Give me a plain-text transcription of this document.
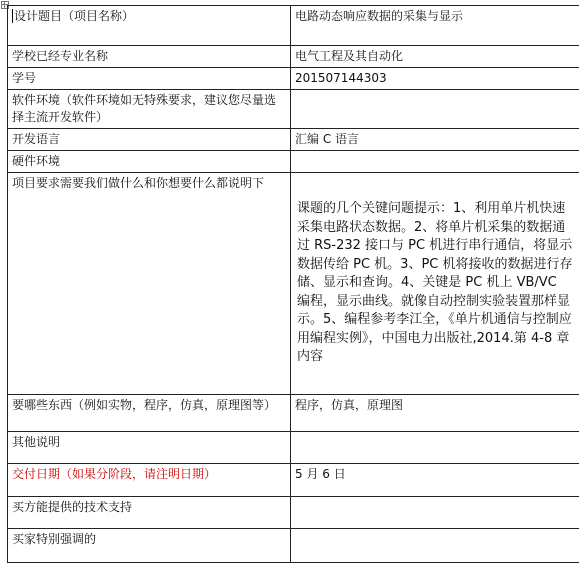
设计题目（项目名称）	电路动态响应数据的采集与显示
学校已经专业名称	电气工程及其自动化
学号	201507144303
软件环境（软件环境如无特殊要求，建议您尽量选择主流开发软件）	
开发语言	汇编 C 语言
硬件环境	
项目要求需要我们做什么和你想要什么都说明下	课题的几个关键问题提示：1、利用单片机快速采集电路状态数据。2、将单片机采集的数据通过 RS-232 接口与 PC 机进行串行通信，将显示数据传给 PC 机。3、PC 机将接收的数据进行存储、显示和查询。4、关键是 PC 机上 VB/VC 编程，显示曲线。就像自动控制实验装置那样显示。5、编程参考李江全，《单片机通信与控制应用编程实例》，中国电力出版社,2014.第 4-8 章内容
要哪些东西（例如实物，程序，仿真，原理图等）	程序，仿真，原理图
其他说明	
交付日期（如果分阶段，请注明日期）	5 月 6 日
买方能提供的技术支持	
买家特别强调的	
